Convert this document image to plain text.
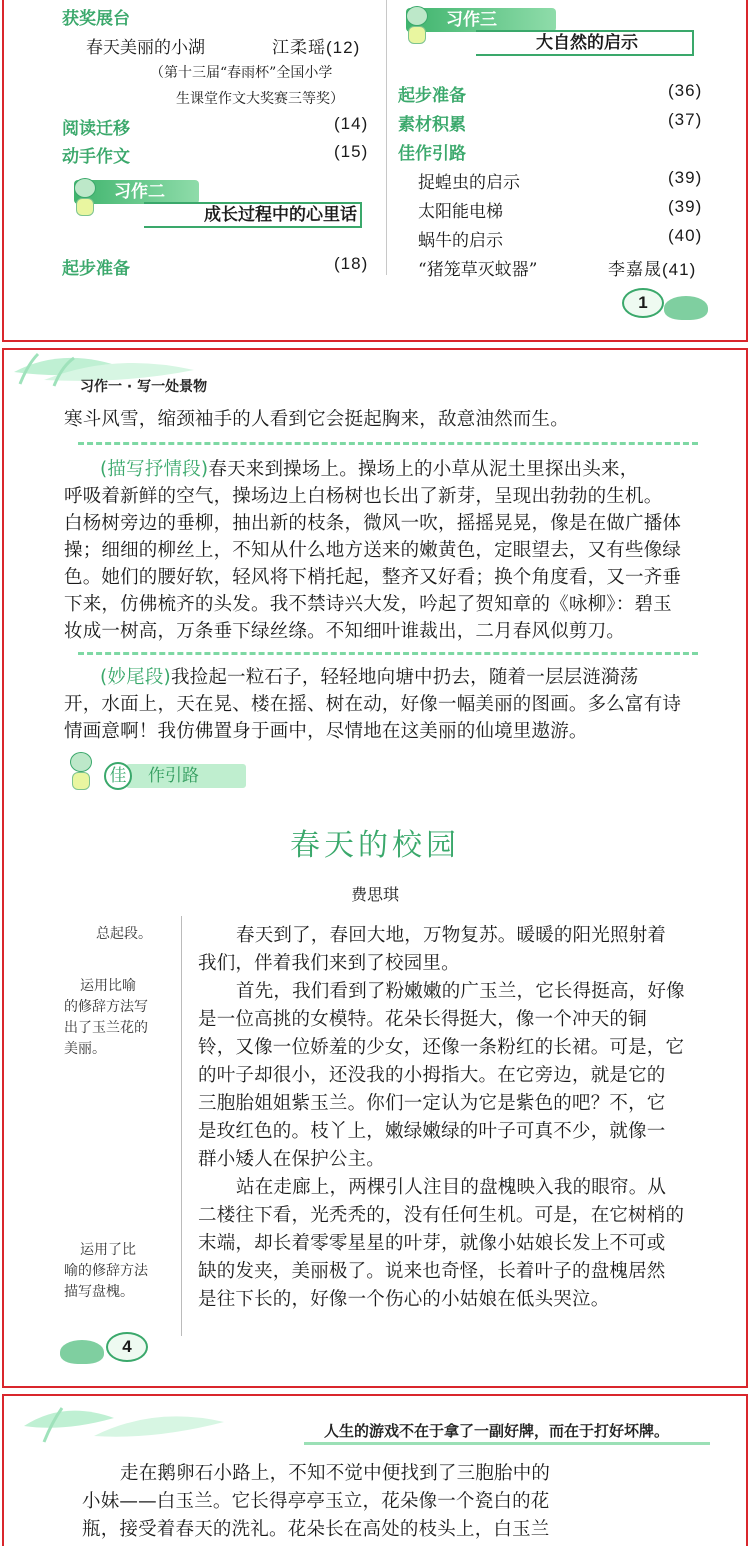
获奖展台
春天美丽的小湖	江柔瑶(12)
（第十三届“春雨杯”全国小学
生课堂作文大奖赛三等奖）
阅读迁移	(14)
动手作文	(15)
习作二
成长过程中的心里话
起步准备	(18)
习作三
大自然的启示
起步准备	(36)
素材积累	(37)
佳作引路
捉蝗虫的启示	(39)
太阳能电梯	(39)
蜗牛的启示	(40)
“猪笼草灭蚊器”	李嘉晟(41)
1
习作一 · 写一处景物
寒斗风雪，缩颈袖手的人看到它会挺起胸来，敌意油然而生。
(描写抒情段)春天来到操场上。操场上的小草从泥土里探出头来，
呼吸着新鲜的空气，操场边上白杨树也长出了新芽，呈现出勃勃的生机。
白杨树旁边的垂柳，抽出新的枝条，微风一吹，摇摇晃晃，像是在做广播体
操；细细的柳丝上，不知从什么地方送来的嫩黄色，定眼望去，又有些像绿
色。她们的腰好软，轻风将下梢托起，整齐又好看；换个角度看，又一齐垂
下来，仿佛梳齐的头发。我不禁诗兴大发，吟起了贺知章的《咏柳》：碧玉
妆成一树高，万条垂下绿丝绦。不知细叶谁裁出，二月春风似剪刀。
(妙尾段)我捡起一粒石子，轻轻地向塘中扔去，随着一层层涟漪荡
开，水面上，天在晃、楼在摇、树在动，好像一幅美丽的图画。多么富有诗
情画意啊！我仿佛置身于画中，尽情地在这美丽的仙境里遨游。
作引路
佳
春天的校园
费思琪
总起段。
运用比喻
的修辞方法写
出了玉兰花的
美丽。
运用了比
喻的修辞方法
描写盘槐。
春天到了，春回大地，万物复苏。暖暖的阳光照射着
我们，伴着我们来到了校园里。
首先，我们看到了粉嫩嫩的广玉兰，它长得挺高，好像
是一位高挑的女模特。花朵长得挺大，像一个冲天的铜
铃，又像一位娇羞的少女，还像一条粉红的长裙。可是，它
的叶子却很小，还没我的小拇指大。在它旁边，就是它的
三胞胎姐姐紫玉兰。你们一定认为它是紫色的吧？不，它
是玫红色的。枝丫上，嫩绿嫩绿的叶子可真不少，就像一
群小矮人在保护公主。
站在走廊上，两棵引人注目的盘槐映入我的眼帘。从
二楼往下看，光秃秃的，没有任何生机。可是，在它树梢的
末端，却长着零零星星的叶芽，就像小姑娘长发上不可或
缺的发夹，美丽极了。说来也奇怪，长着叶子的盘槐居然
是往下长的，好像一个伤心的小姑娘在低头哭泣。
4
人生的游戏不在于拿了一副好牌，而在于打好坏牌。
走在鹅卵石小路上，不知不觉中便找到了三胞胎中的
小妹——白玉兰。它长得亭亭玉立，花朵像一个瓷白的花
瓶，接受着春天的洗礼。花朵长在高处的枝头上，白玉兰
